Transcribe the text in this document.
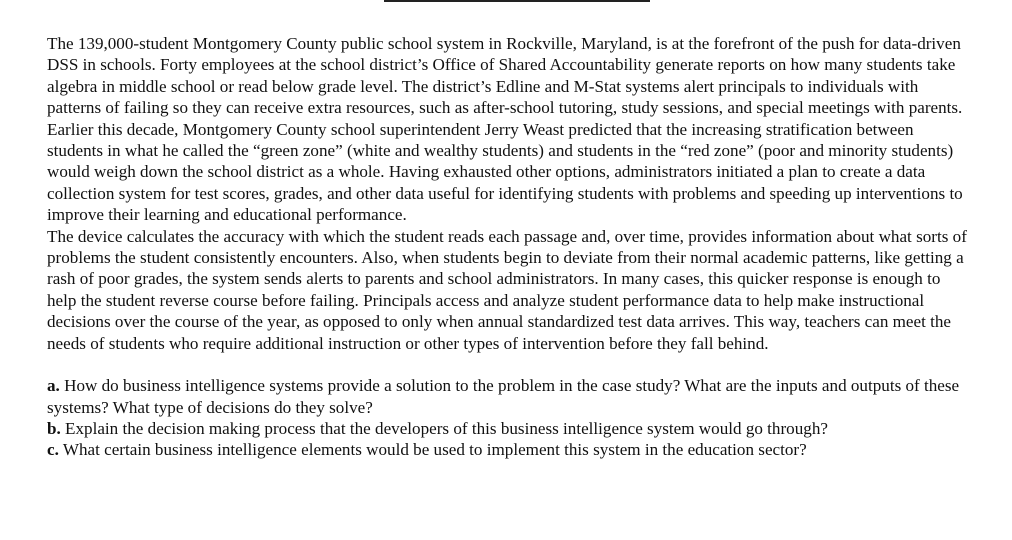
The 139,000-student Montgomery County public school system in Rockville, Maryland, is at the forefront of the push for data-driven DSS in schools. Forty employees at the school district’s Office of Shared Accountability generate reports on how many students take algebra in middle school or read below grade level. The district’s Edline and M-Stat systems alert principals to individuals with patterns of failing so they can receive extra resources, such as after-school tutoring, study sessions, and special meetings with parents.

Earlier this decade, Montgomery County school superintendent Jerry Weast predicted that the increasing stratification between students in what he called the “green zone” (white and wealthy students) and students in the “red zone” (poor and minority students) would weigh down the school district as a whole. Having exhausted other options, administrators initiated a plan to create a data collection system for test scores, grades, and other data useful for identifying students with problems and speeding up interventions to improve their learning and educational performance.

The device calculates the accuracy with which the student reads each passage and, over time, provides information about what sorts of problems the student consistently encounters. Also, when students begin to deviate from their normal academic patterns, like getting a rash of poor grades, the system sends alerts to parents and school administrators. In many cases, this quicker response is enough to help the student reverse course before failing. Principals access and analyze student performance data to help make instructional decisions over the course of the year, as opposed to only when annual standardized test data arrives. This way, teachers can meet the needs of students who require additional instruction or other types of intervention before they fall behind.

a. How do business intelligence systems provide a solution to the problem in the case study? What are the inputs and outputs of these systems? What type of decisions do they solve?

b. Explain the decision making process that the developers of this business intelligence system would go through?

c. What certain business intelligence elements would be used to implement this system in the education sector?
